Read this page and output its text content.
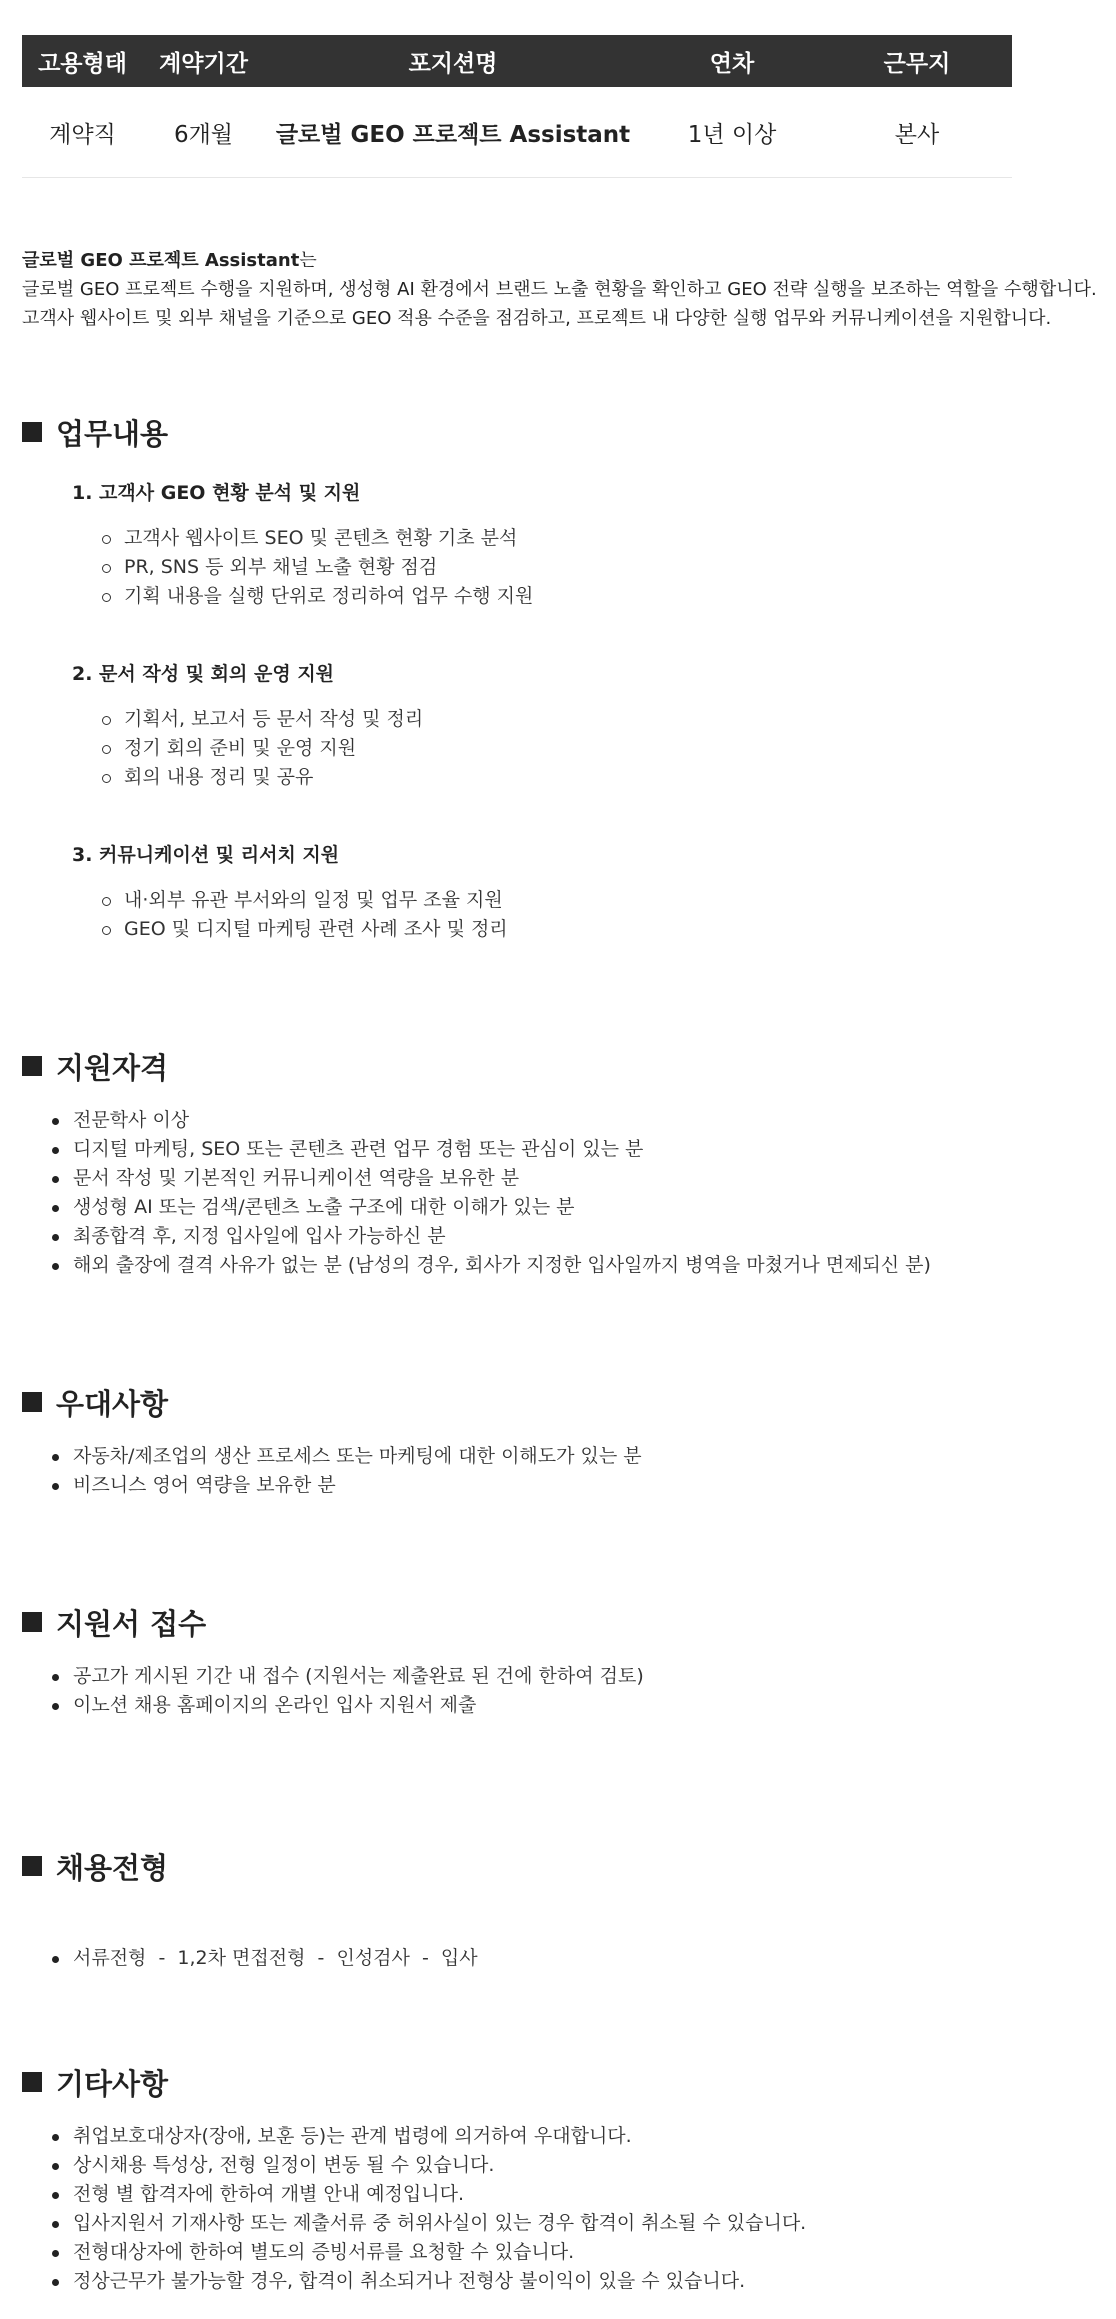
고용형태	계약기간	포지션명	연차	근무지
계약직	6개월	글로벌 GEO 프로젝트 Assistant	1년 이상	본사

글로벌 GEO 프로젝트 Assistant는

글로벌 GEO 프로젝트 수행을 지원하며, 생성형 AI 환경에서 브랜드 노출 현황을 확인하고 GEO 전략 실행을 보조하는 역할을 수행합니다.

고객사 웹사이트 및 외부 채널을 기준으로 GEO 적용 수준을 점검하고, 프로젝트 내 다양한 실행 업무와 커뮤니케이션을 지원합니다.

업무내용
1. 고객사 GEO 현황 분석 및 지원
고객사 웹사이트 SEO 및 콘텐츠 현황 기초 분석
PR, SNS 등 외부 채널 노출 현황 점검
기획 내용을 실행 단위로 정리하여 업무 수행 지원
2. 문서 작성 및 회의 운영 지원
기획서, 보고서 등 문서 작성 및 정리
정기 회의 준비 및 운영 지원
회의 내용 정리 및 공유
3. 커뮤니케이션 및 리서치 지원
내·외부 유관 부서와의 일정 및 업무 조율 지원
GEO 및 디지털 마케팅 관련 사례 조사 및 정리
지원자격
전문학사 이상
디지털 마케팅, SEO 또는 콘텐츠 관련 업무 경험 또는 관심이 있는 분
문서 작성 및 기본적인 커뮤니케이션 역량을 보유한 분
생성형 AI 또는 검색/콘텐츠 노출 구조에 대한 이해가 있는 분
최종합격 후, 지정 입사일에 입사 가능하신 분
해외 출장에 결격 사유가 없는 분 (남성의 경우, 회사가 지정한 입사일까지 병역을 마쳤거나 면제되신 분)
우대사항
자동차/제조업의 생산 프로세스 또는 마케팅에 대한 이해도가 있는 분
비즈니스 영어 역량을 보유한 분
지원서 접수
공고가 게시된 기간 내 접수 (지원서는 제출완료 된 건에 한하여 검토)
이노션 채용 홈페이지의 온라인 입사 지원서 제출
채용전형

서류전형  -  1,2차 면접전형  -  인성검사  -  입사

기타사항
취업보호대상자(장애, 보훈 등)는 관계 법령에 의거하여 우대합니다.
상시채용 특성상, 전형 일정이 변동 될 수 있습니다.
전형 별 합격자에 한하여 개별 안내 예정입니다.
입사지원서 기재사항 또는 제출서류 중 허위사실이 있는 경우 합격이 취소될 수 있습니다.
전형대상자에 한하여 별도의 증빙서류를 요청할 수 있습니다.
정상근무가 불가능할 경우, 합격이 취소되거나 전형상 불이익이 있을 수 있습니다.
